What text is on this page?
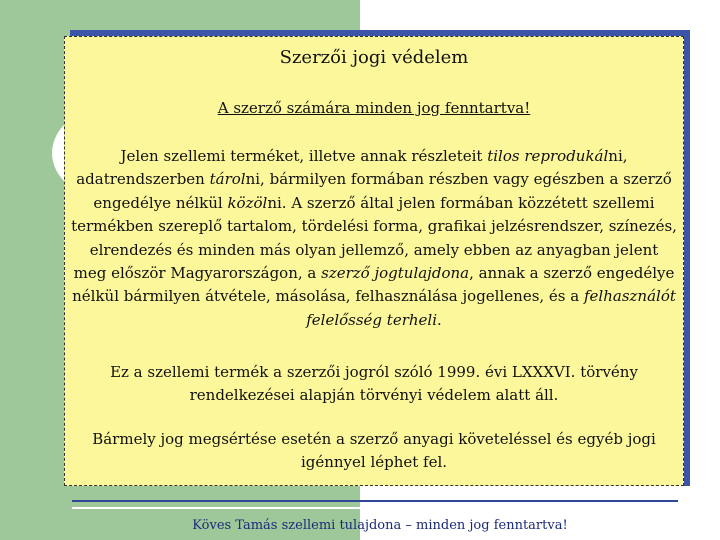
Szerzői jogi védelem
A szerző számára minden jog fenntartva!
Jelen szellemi terméket, illetve annak részleteit tilos reprodukálni, adatrendszerben tárolni, bármilyen formában részben vagy egészben a szerző engedélye nélkül közölni. A szerző által jelen formában közzétett szellemi termékben szereplő tartalom, tördelési forma, grafikai jelzésrendszer, színezés, elrendezés és minden más olyan jellemző, amely ebben az anyagban jelent meg először Magyarországon, a szerző jogtulajdona, annak a szerző engedélye nélkül bármilyen átvétele, másolása, felhasználása jogellenes, és a felhasználót felelősség terheli.
Ez a szellemi termék a szerzői jogról szóló 1999. évi LXXXVI. törvény rendelkezései alapján törvényi védelem alatt áll.
Bármely jog megsértése esetén a szerző anyagi követeléssel és egyéb jogi igénnyel léphet fel.
Köves Tamás szellemi tulajdona – minden jog fenntartva!
